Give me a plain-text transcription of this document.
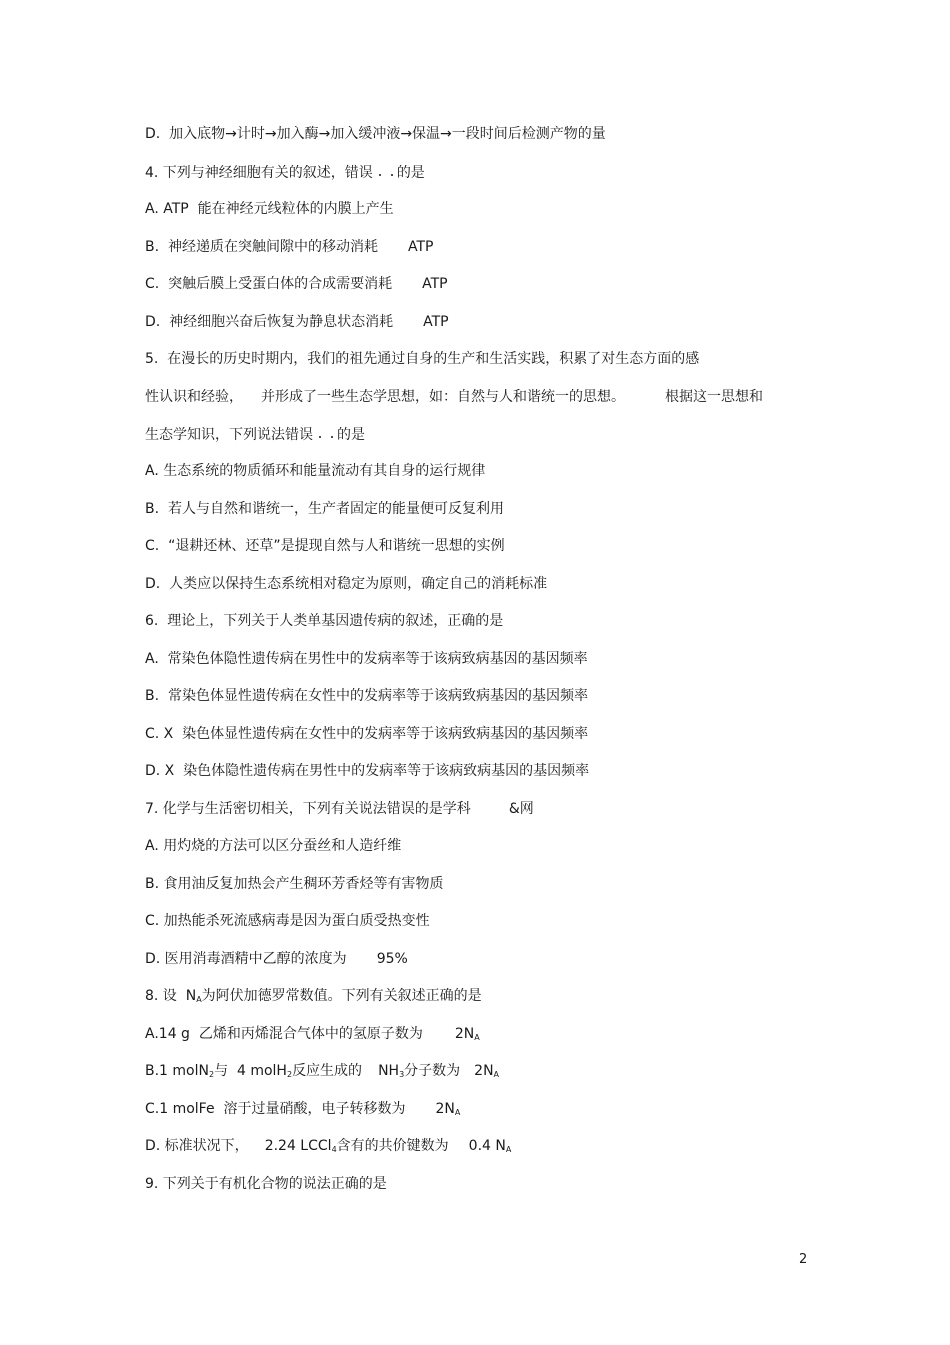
D.  加入底物→计时→加入酶→加入缓冲液→保温→一段时间后检测产物的量
4. 下列与神经细胞有关的叙述，错误 的是
A. ATP  能在神经元线粒体的内膜上产生
B.  神经递质在突触间隙中的移动消耗 ATP
C.  突触后膜上受蛋白体的合成需要消耗 ATP
D.  神经细胞兴奋后恢复为静息状态消耗 ATP
5.  在漫长的历史时期内，我们的祖先通过自身的生产和生活实践，积累了对生态方面的感
性认识和经验， 并形成了一些生态学思想，如：自然与人和谐统一的思想。	根据这一思想和
生态学知识，下列说法错误 的是
A. 生态系统的物质循环和能量流动有其自身的运行规律
B.  若人与自然和谐统一，生产者固定的能量便可反复利用
C.  “退耕还林、还草”是提现自然与人和谐统一思想的实例
D.  人类应以保持生态系统相对稳定为原则，确定自己的消耗标准
6.  理论上，下列关于人类单基因遗传病的叙述，正确的是
A.  常染色体隐性遗传病在男性中的发病率等于该病致病基因的基因频率
B.  常染色体显性遗传病在女性中的发病率等于该病致病基因的基因频率
C. X  染色体显性遗传病在女性中的发病率等于该病致病基因的基因频率
D. X  染色体隐性遗传病在男性中的发病率等于该病致病基因的基因频率
7. 化学与生活密切相关，下列有关说法错误的是学科	&网
A. 用灼烧的方法可以区分蚕丝和人造纤维
B. 食用油反复加热会产生稠环芳香烃等有害物质
C. 加热能杀死流感病毒是因为蛋白质受热变性
D. 医用消毒酒精中乙醇的浓度为 95%
8. 设  $N_A$为阿伏加德罗常数值。下列有关叙述正确的是
A.14 g  乙烯和丙烯混合气体中的氢原子数为 $2N_A$
B.1 molN$_2$与  4 molH$_2$反应生成的 $NH_3$分子数为 $2N_A$
C.1 molFe  溶于过量硝酸，电子转移数为 $2N_A$
D. 标准状况下， 2.24 LCCl$_4$含有的共价键数为 0.4 $N_A$
9. 下列关于有机化合物的说法正确的是
2
